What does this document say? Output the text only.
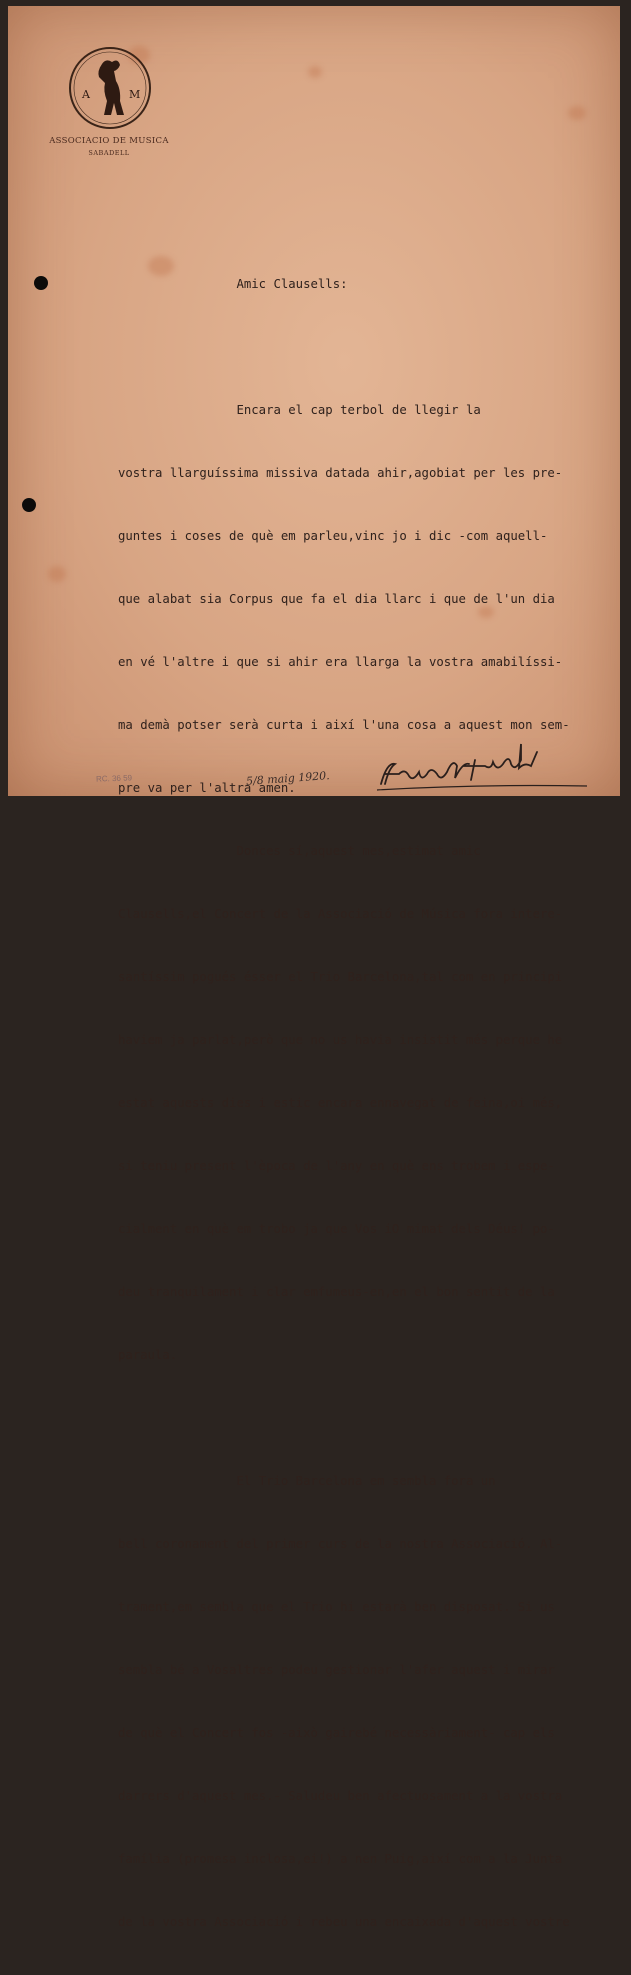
A	M
ASSOCIACIO DE MUSICA
SABADELL

Amic Clausells:

Encara el cap terbol de llegir la

vostra llarguíssima missiva datada ahir,agobiat per les pre-

guntes i coses de què em parleu,vinc jo i dic -com aquell-

que alabat sia Corpus que fa el dia llarc i que de l'un dia

en vé l'altre i que si ahir era llarga la vostra amabilíssi-

ma demà potser serà curta i així l'una cosa a aquest mon sem-

pre va per l'altra amen.

Donces sí,aquest mes,estimat amic

Clausells,el Concert de la Associació de Música fora intere-

santíssim pogués ésser el Trio Barcelona,tal com en principi

haviem ja parlat,però que no us havia insistit més perque he

estat aquests dies i estic encara ennavegat de feina,oi més,

si teniu present l'època de l'any en què ens trobem i espe-

cialment en què em trobo ja que Vos iO mimat dels Déus! po-

deu tranquilament i clar emfumeus-en,en el bon sentit de la

paraula.

El Trio Barcelona em sembla fora un

bell coronament del primer curs de la nostra Associació. Al-

trament,em sembla que el Trio hi estarà ben disposat. Si us

sembla bé a Vosaltres podeu gestionar l'afer aquest i mirar

de què el Concert fos -això gairebé necessàriament- cap els

darrers d'aquest mes.- Saludeu ben afectuosament a la vostra

família (promesa inclosa,ei!) a nen Puig,així com a la Junta

de la vostra Associació i rebeu una encaixada d'aquest vostre

RC. 36 59	5/8 maig 1920.
